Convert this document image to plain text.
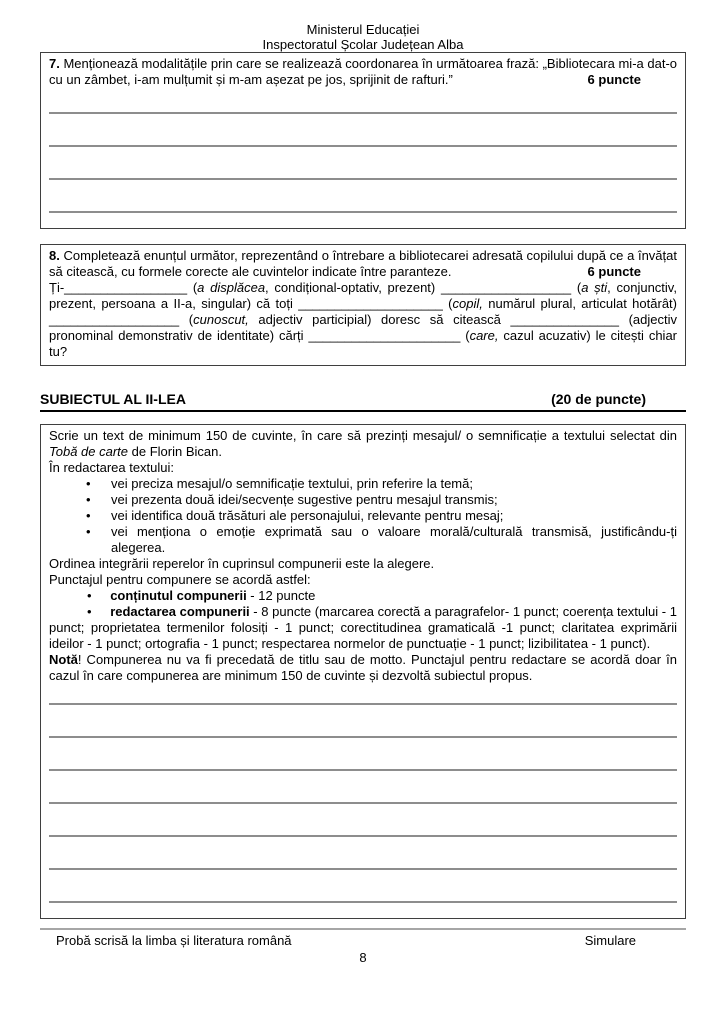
Ministerul Educației
Inspectoratul Școlar Județean Alba

7. Menționează modalitățile prin care se realizează coordonarea în următoarea frază: „Bibliotecara mi-a dat-o cu un zâmbet, i-am mulțumit și m-am așezat pe jos, sprijinit de rafturi.”	6 puncte

8. Completează enunțul următor, reprezentând o întrebare a bibliotecarei adresată copilului după ce a învățat să citească, cu formele corecte ale cuvintelor indicate între paranteze.	6 puncte

Ți-_________________ (a displăcea, condițional-optativ, prezent) __________________ (a ști, conjunctiv, prezent, persoana a II-a, singular) că toți ____________________ (copil, numărul plural, articulat hotărât) __________________ (cunoscut, adjectiv participial) doresc să citească _______________ (adjectiv pronominal demonstrativ de identitate) cărți _____________________ (care, cazul acuzativ) le citești chiar tu?

SUBIECTUL AL II-LEA	(20 de puncte)

Scrie un text de minimum 150 de cuvinte, în care să prezinți mesajul/ o semnificație a textului selectat din Tobă de carte de Florin Bican.

În redactarea textului:

• vei preciza mesajul/o semnificație textului, prin referire la temă;
• vei prezenta două idei/secvențe sugestive pentru mesajul transmis;
• vei identifica două trăsături ale personajului, relevante pentru mesaj;
• vei menționa o emoție exprimată sau o valoare morală/culturală transmisă, justificându-ți alegerea.

Ordinea integrării reperelor în cuprinsul compunerii este la alegere.

Punctajul pentru compunere se acordă astfel:

• conținutul compunerii - 12 puncte

• redactarea compunerii - 8 puncte (marcarea corectă a paragrafelor- 1 punct; coerența textului - 1 punct; proprietatea termenilor folosiți - 1 punct; corectitudinea gramaticală -1 punct; claritatea exprimării ideilor - 1 punct; ortografia - 1 punct; respectarea normelor de punctuație - 1 punct; lizibilitatea - 1 punct).

Notă! Compunerea nu va fi precedată de titlu sau de motto. Punctajul pentru redactare se acordă doar în cazul în care compunerea are minimum 150 de cuvinte și dezvoltă subiectul propus.

Probă scrisă la limba și literatura română	Simulare
8
